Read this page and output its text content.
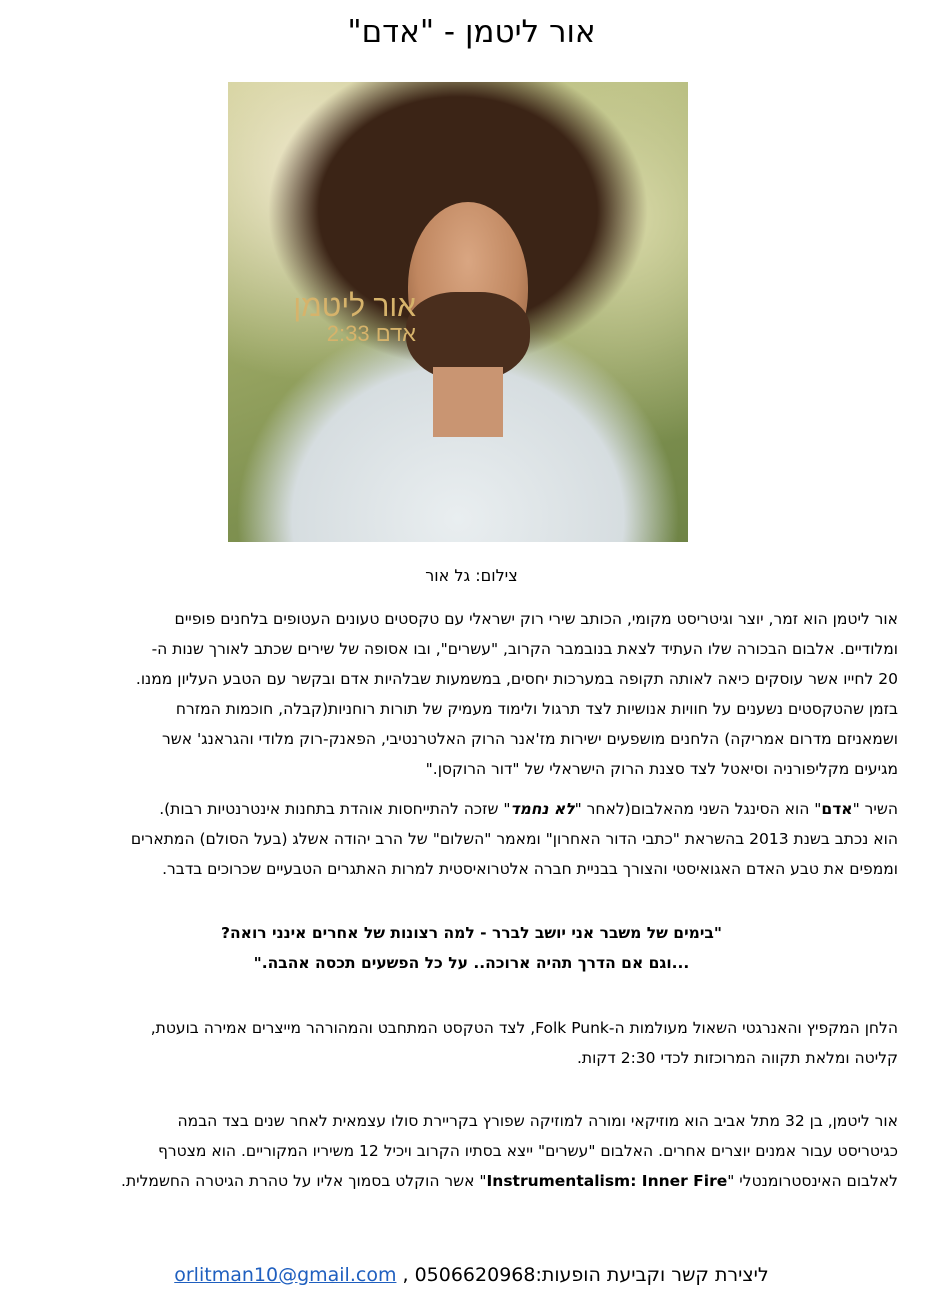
אור ליטמן - "אדם"
אור ליטמן
אדם 2:33
צילום: גל אור

אור ליטמן הוא זמר, יוצר וגיטריסט מקומי, הכותב שירי רוק ישראלי עם טקסטים טעונים העטופים בלחנים פופיים
ומלודיים. אלבום הבכורה שלו העתיד לצאת בנובמבר הקרוב, "עשרים", ובו אסופה של שירים שכתב לאורך שנות ה-
20 לחייו אשר עוסקים כיאה לאותה תקופה במערכות יחסים, במשמעות שבלהיות אדם ובקשר עם הטבע העליון ממנו.
בזמן שהטקסטים נשענים על חוויות אנושיות לצד תרגול ולימוד מעמיק של תורות רוחניות(קבלה, חוכמות המזרח
ושמאניזם מדרום אמריקה) הלחנים מושפעים ישירות מז'אנר הרוק האלטרנטיבי, הפאנק-רוק מלודי והגראנג' אשר
מגיעים מקליפורניה וסיאטל לצד סצנת הרוק הישראלי של "דור הרוקסן."

השיר "אדם" הוא הסינגל השני מהאלבום(לאחר "לא נחמד" שזכה להתייחסות אוהדת בתחנות אינטרנטיות רבות).
הוא נכתב בשנת 2013 בהשראת "כתבי הדור האחרון" ומאמר "השלום" של הרב יהודה אשלג (בעל הסולם) המתארים
וממפים את טבע האדם האגואיסטי והצורך בבניית חברה אלטרואיסטית למרות האתגרים הטבעיים שכרוכים בדבר.

"בימים של משבר אני יושב לברר - למה רצונות של אחרים אינני רואה?
...וגם אם הדרך תהיה ארוכה.. על כל הפשעים תכסה אהבה."

הלחן המקפיץ והאנרגטי השאול מעולמות ה-Folk Punk, לצד הטקסט המתחבט והמהורהר מייצרים אמירה בועטת,
קליטה ומלאת תקווה המרוכזות לכדי 2:30 דקות.

אור ליטמן, בן 32 מתל אביב הוא מוזיקאי ומורה למוזיקה שפורץ בקריירת סולו עצמאית לאחר שנים בצד הבמה
כגיטריסט עבור אמנים יוצרים אחרים. האלבום "עשרים" ייצא בסתיו הקרוב ויכיל 12 משיריו המקוריים. הוא מצטרף
לאלבום האינסטרומנטלי "Instrumentalism: Inner Fire" אשר הוקלט בסמוך אליו על טהרת הגיטרה החשמלית.

ליצירת קשר וקביעת הופעות:0506620968 , orlitman10@gmail.com
